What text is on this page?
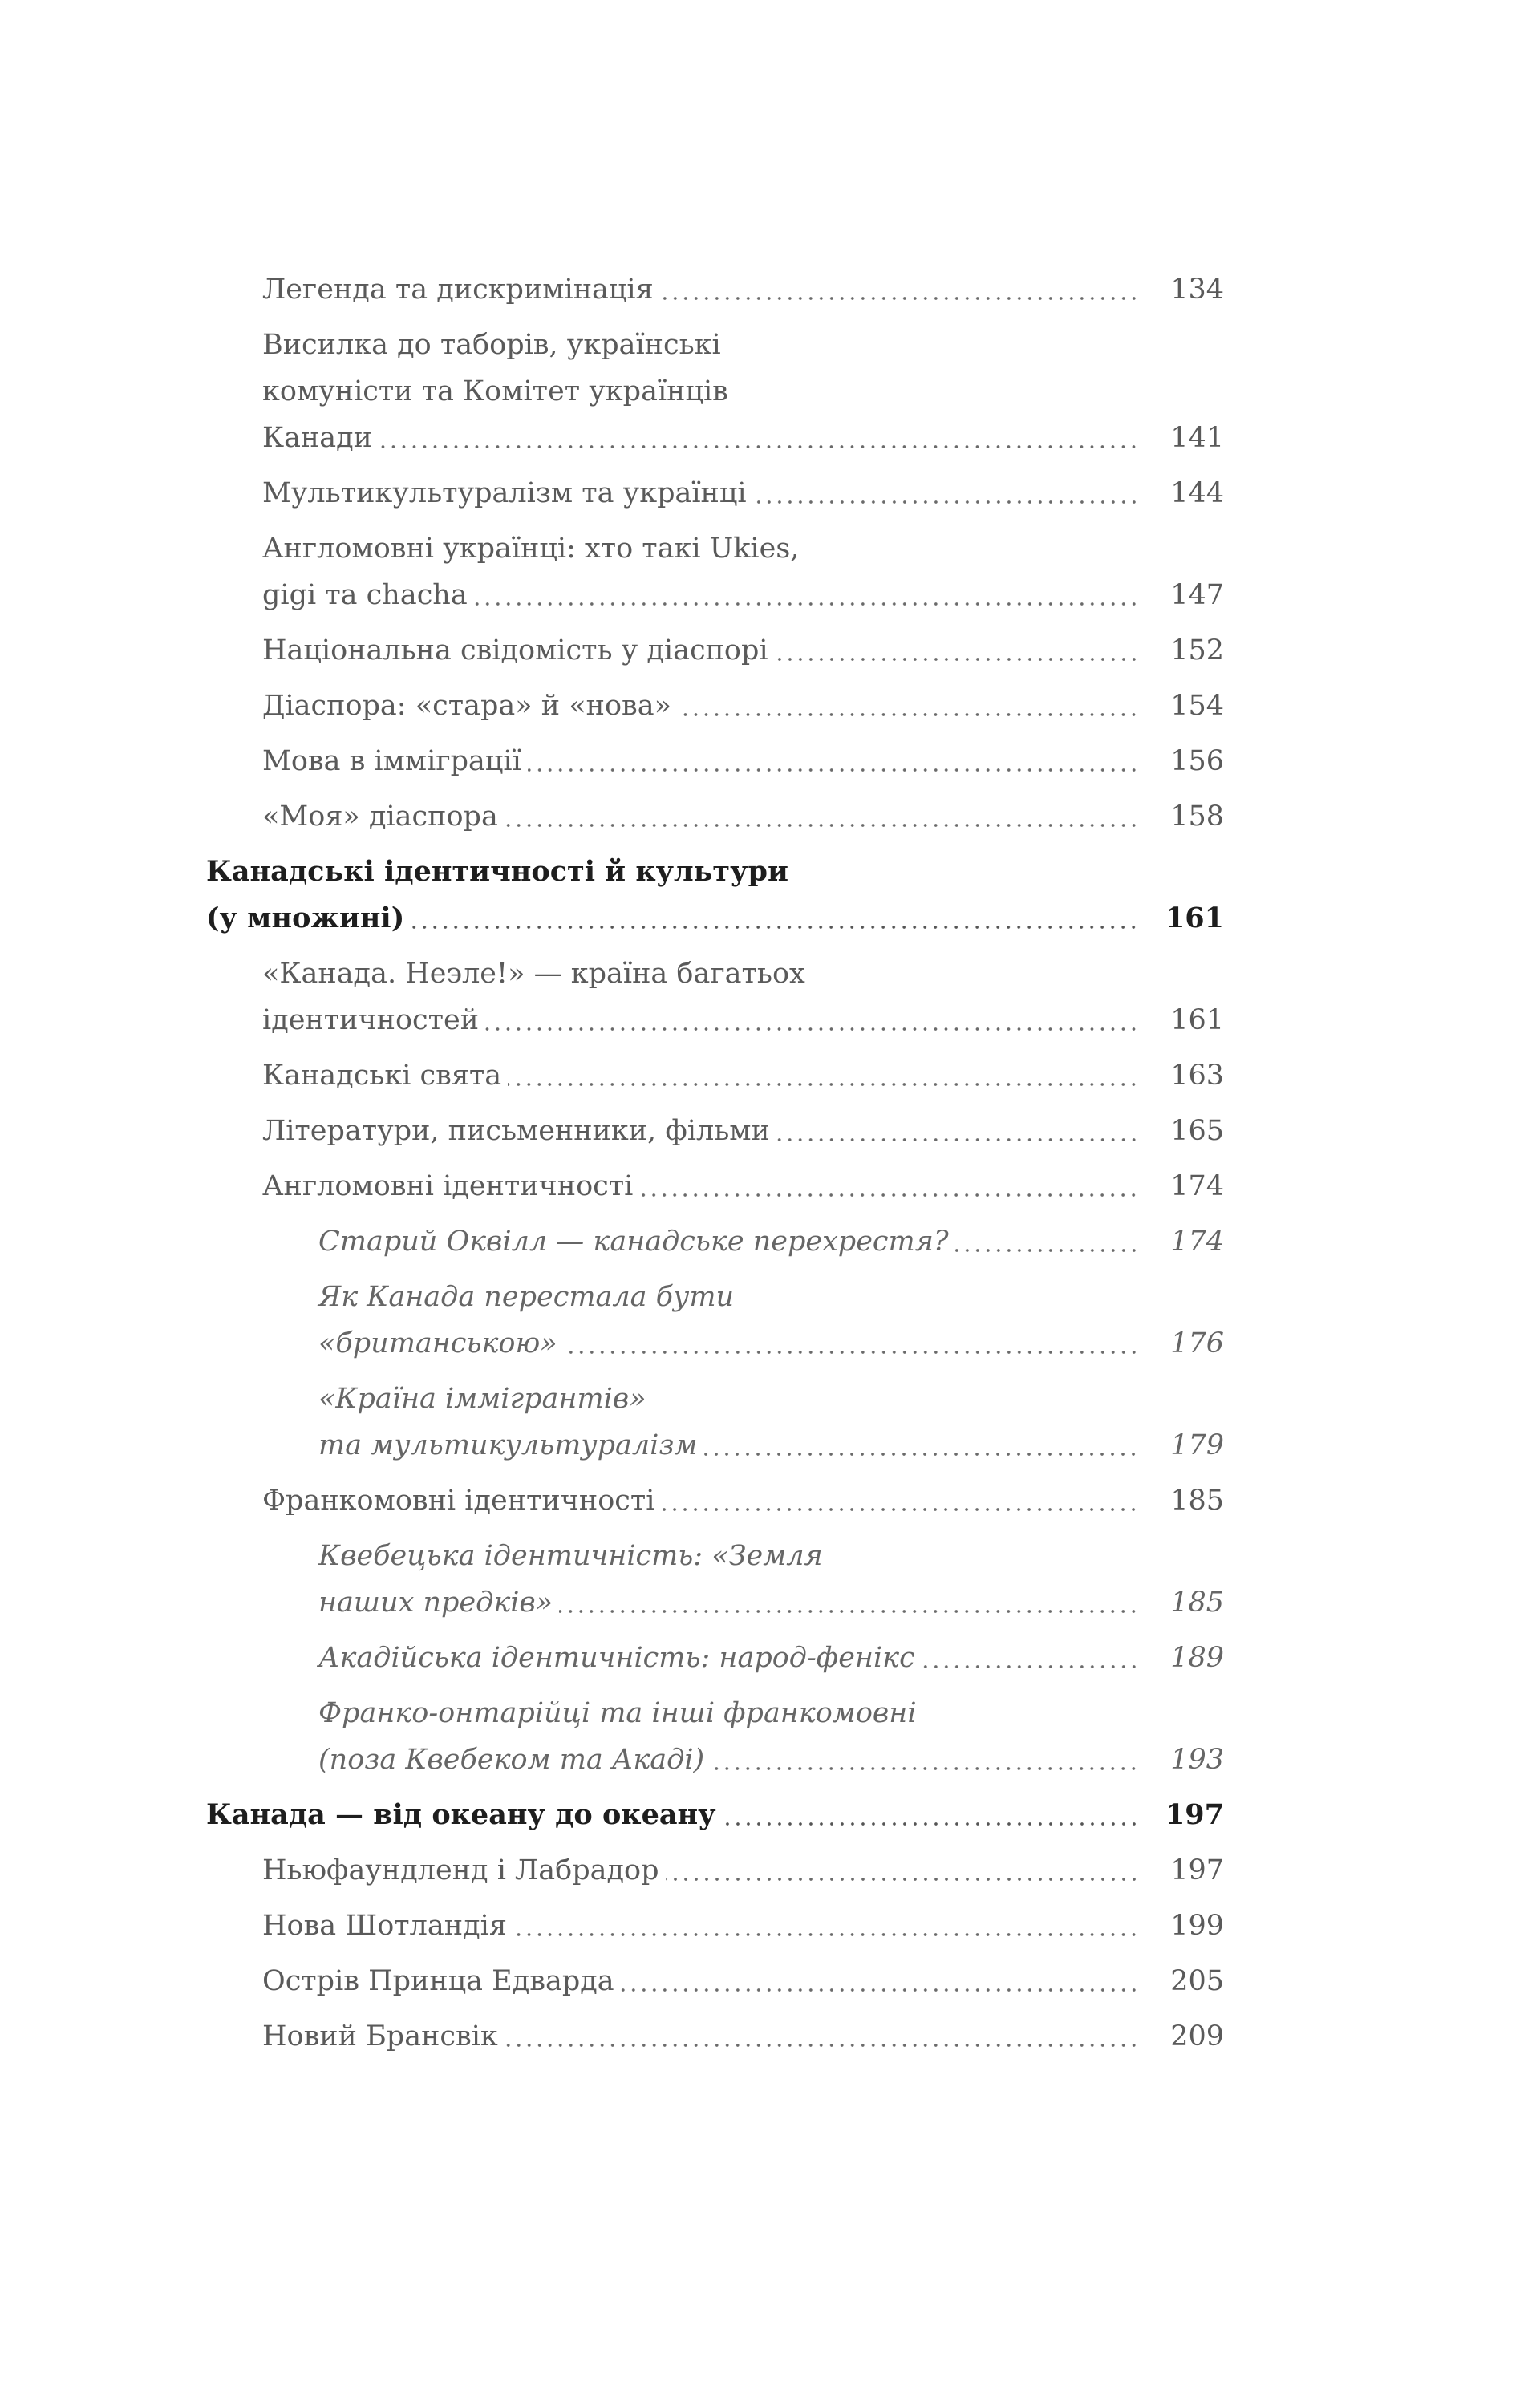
Легенда та дискримінація	134
Висилка до таборів, українські
комуністи та Комітет українців
Канади	141
Мультикультуралізм та українці	144
Англомовні українці: хто такі Ukies,
gigi та chacha	147
Національна свідомість у діаспорі	152
Діаспора: «стара» й «нова»	154
Мова в імміграції	156
«Моя» діаспора	158
Канадські ідентичності й культури
(у множині)	161
«Канада. Неэле!» — країна багатьох
ідентичностей	161
Канадські свята	163
Літератури, письменники, фільми	165
Англомовні ідентичності	174
Старий Оквілл — канадське перехрестя?	174
Як Канада перестала бути
«британською»	176
«Країна іммігрантів»
та мультикультуралізм	179
Франкомовні ідентичності	185
Квебецька ідентичність: «Земля
наших предків»	185
Акадійська ідентичність: народ-фенікс	189
Франко-онтарійці та інші франкомовні
(поза Квебеком та Акаді)	193
Канада — від океану до океану	197
Ньюфаундленд і Лабрадор	197
Нова Шотландія	199
Острів Принца Едварда	205
Новий Брансвік	209
